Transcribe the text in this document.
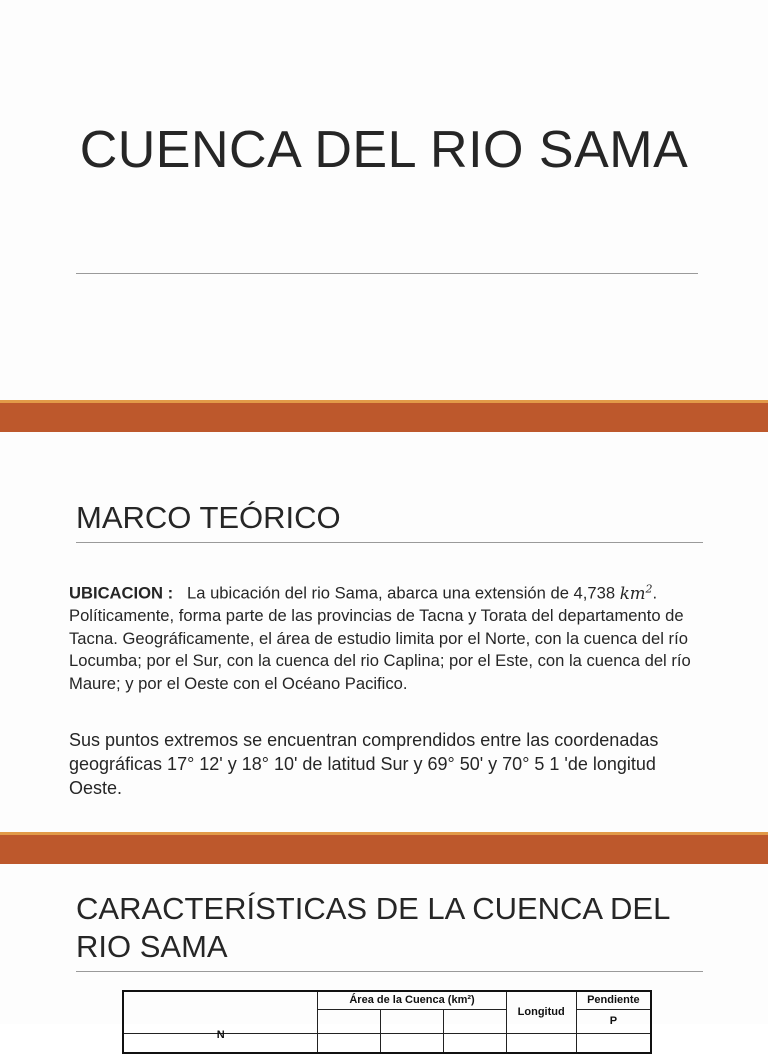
CUENCA DEL RIO SAMA
MARCO TEÓRICO
UBICACION : La ubicación del rio Sama, abarca una extensión de 4,738 $km^2$. Políticamente, forma parte de las provincias de Tacna y Torata del departamento de Tacna. Geográficamente, el área de estudio limita por el Norte, con la cuenca del río Locumba; por el Sur, con la cuenca del rio Caplina; por el Este, con la cuenca del río Maure; y por el Oeste con el Océano Pacifico.
Sus puntos extremos se encuentran comprendidos entre las coordenadas geográficas 17° 12' y 18° 10' de latitud Sur y 69° 50' y 70° 5 1 'de longitud Oeste.
CARACTERÍSTICAS DE LA CUENCA DEL RIO SAMA
N	Área de la Cuenca (km²)			Longitud	Pendiente
					P
